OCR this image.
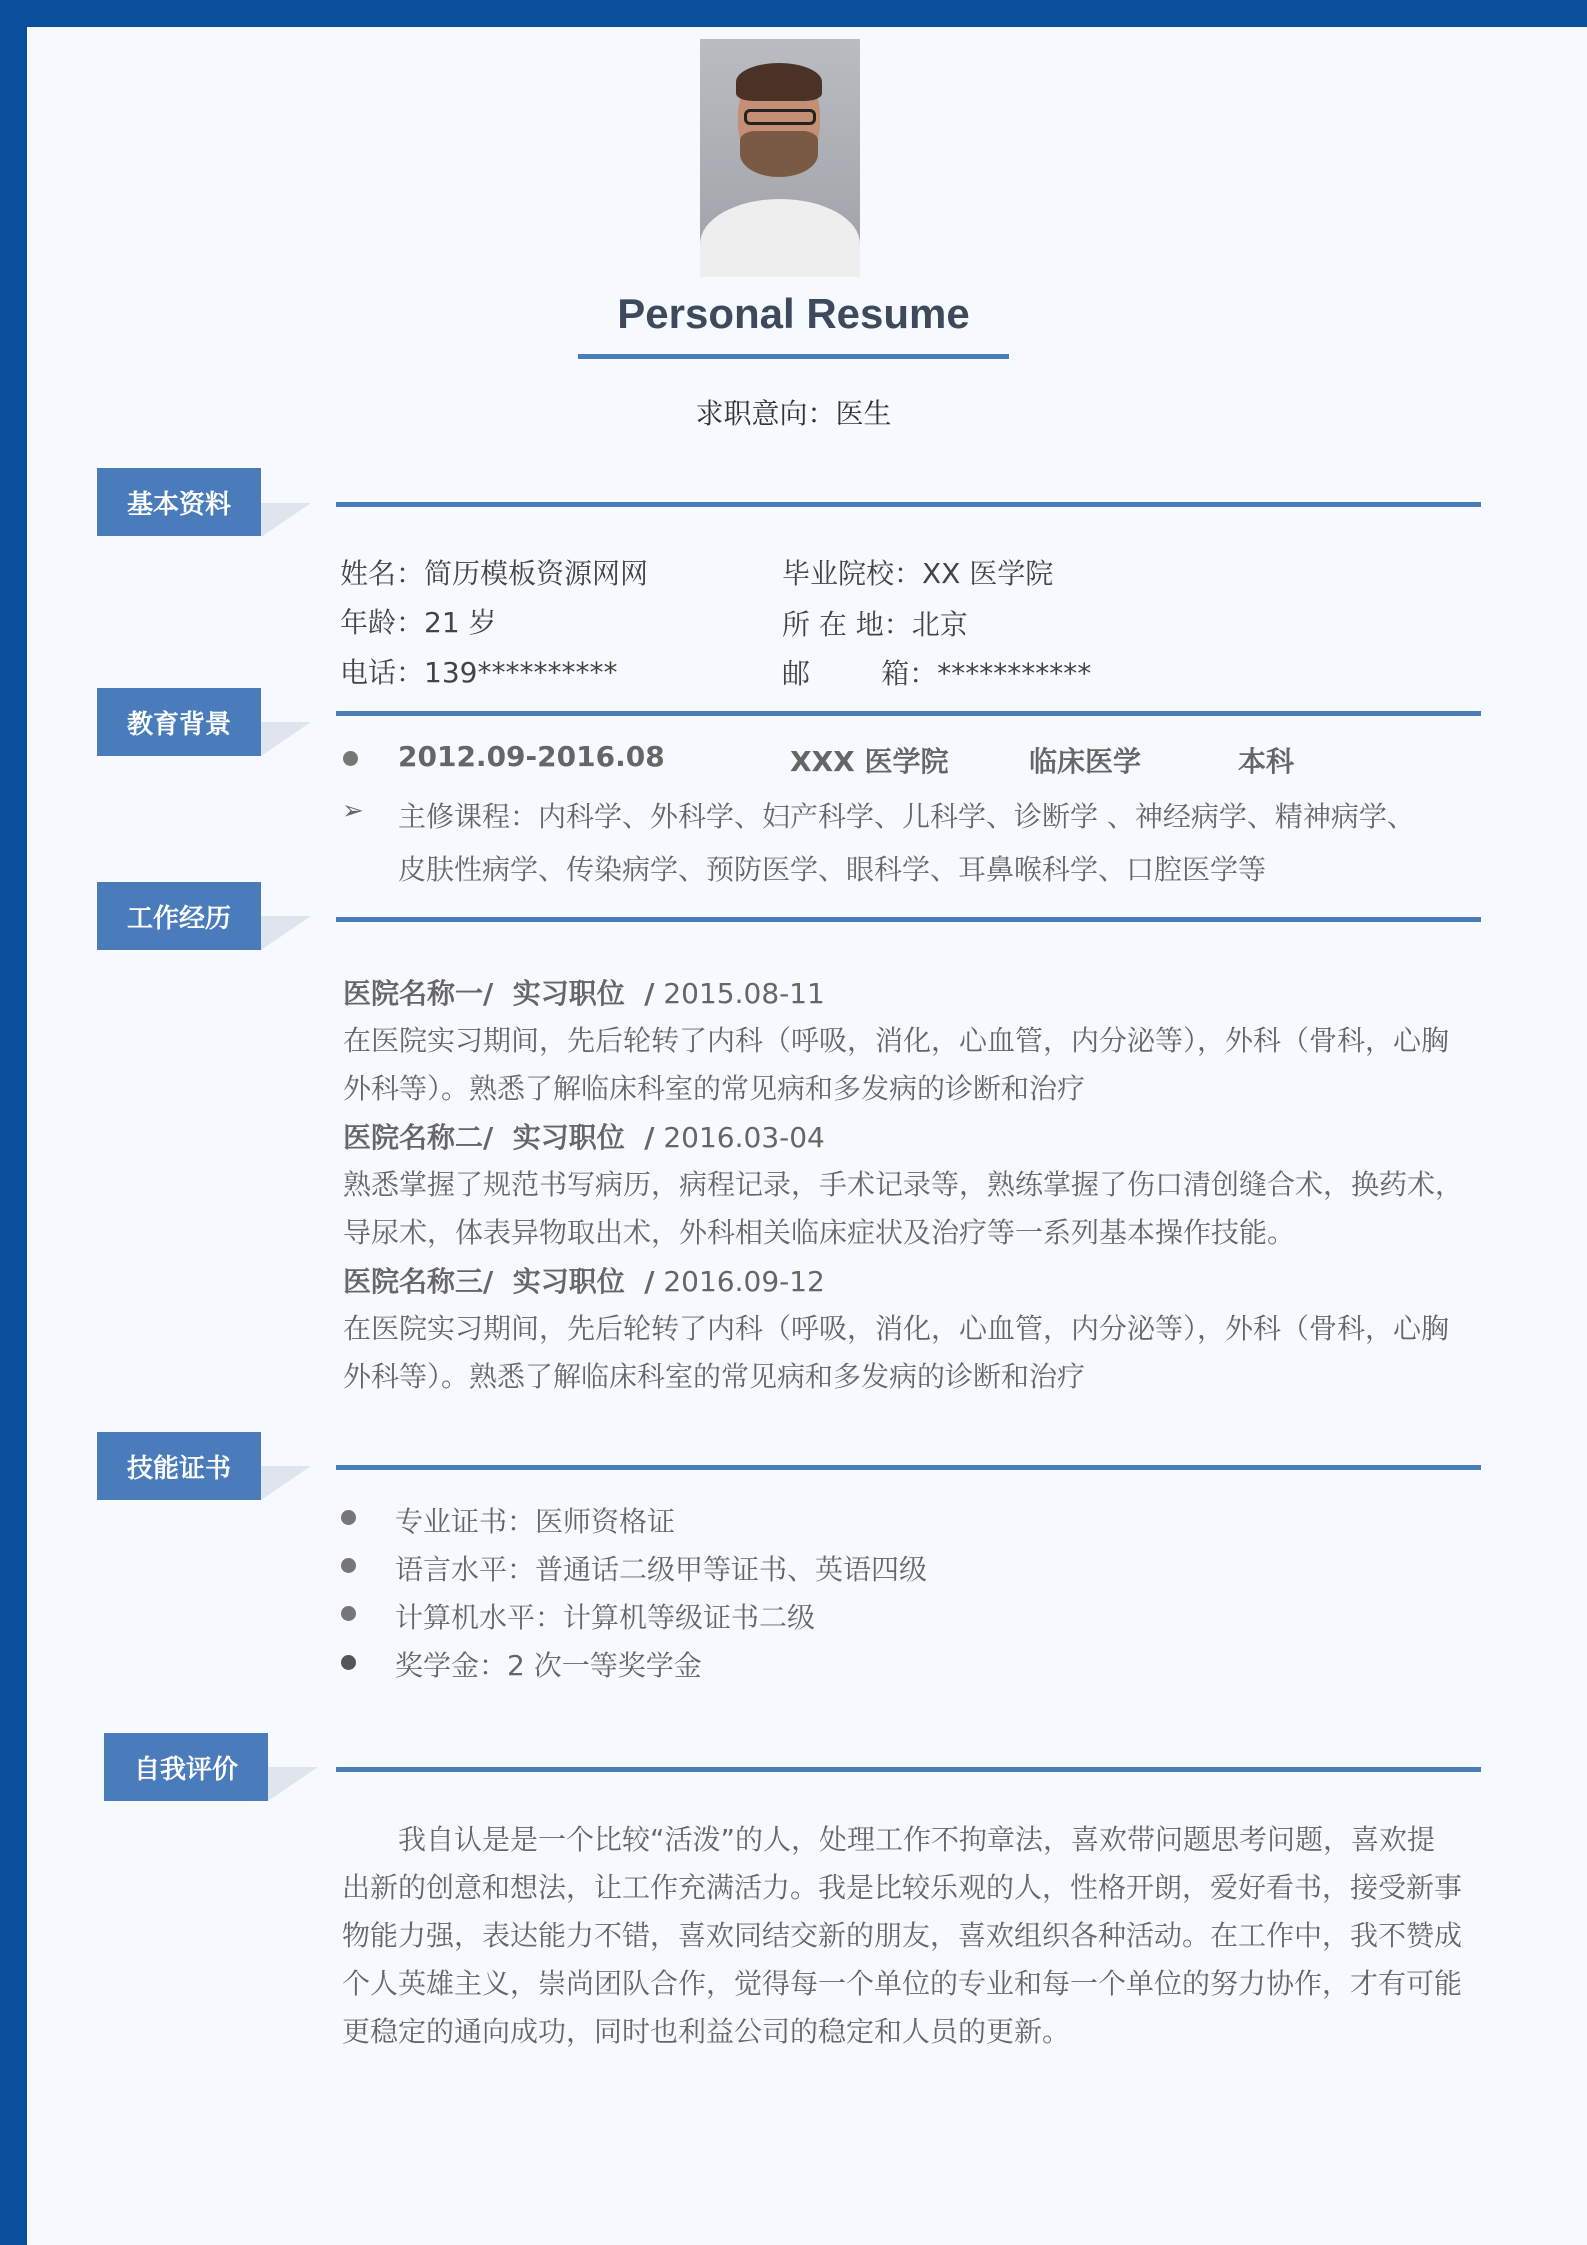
Personal Resume
求职意向：医生
基本资料
姓名：简历模板资源网网
年龄：21 岁
电话：139**********
毕业院校：XX 医学院
所 在 地：北京
邮        箱：***********
教育背景
2012.09-2016.08	XXX 医学院	临床医学	本科
➢ 主修课程：内科学、外科学、妇产科学、儿科学、诊断学 、神经病学、精神病学、
皮肤性病学、传染病学、预防医学、眼科学、耳鼻喉科学、口腔医学等
工作经历
医院名称一/  实习职位  / 2015.08-11
在医院实习期间，先后轮转了内科（呼吸，消化，心血管，内分泌等），外科（骨科，心胸
外科等）。熟悉了解临床科室的常见病和多发病的诊断和治疗
医院名称二/  实习职位  / 2016.03-04
熟悉掌握了规范书写病历，病程记录，手术记录等，熟练掌握了伤口清创缝合术，换药术，
导尿术，体表异物取出术，外科相关临床症状及治疗等一系列基本操作技能。
医院名称三/  实习职位  / 2016.09-12
在医院实习期间，先后轮转了内科（呼吸，消化，心血管，内分泌等），外科（骨科，心胸
外科等）。熟悉了解临床科室的常见病和多发病的诊断和治疗
技能证书
专业证书：医师资格证
语言水平：普通话二级甲等证书、英语四级
计算机水平：计算机等级证书二级
奖学金：2 次一等奖学金
自我评价
我自认是是一个比较“活泼”的人，处理工作不拘章法，喜欢带问题思考问题，喜欢提
出新的创意和想法，让工作充满活力。我是比较乐观的人，性格开朗，爱好看书，接受新事
物能力强，表达能力不错，喜欢同结交新的朋友，喜欢组织各种活动。在工作中，我不赞成
个人英雄主义，崇尚团队合作，觉得每一个单位的专业和每一个单位的努力协作，才有可能
更稳定的通向成功，同时也利益公司的稳定和人员的更新。
